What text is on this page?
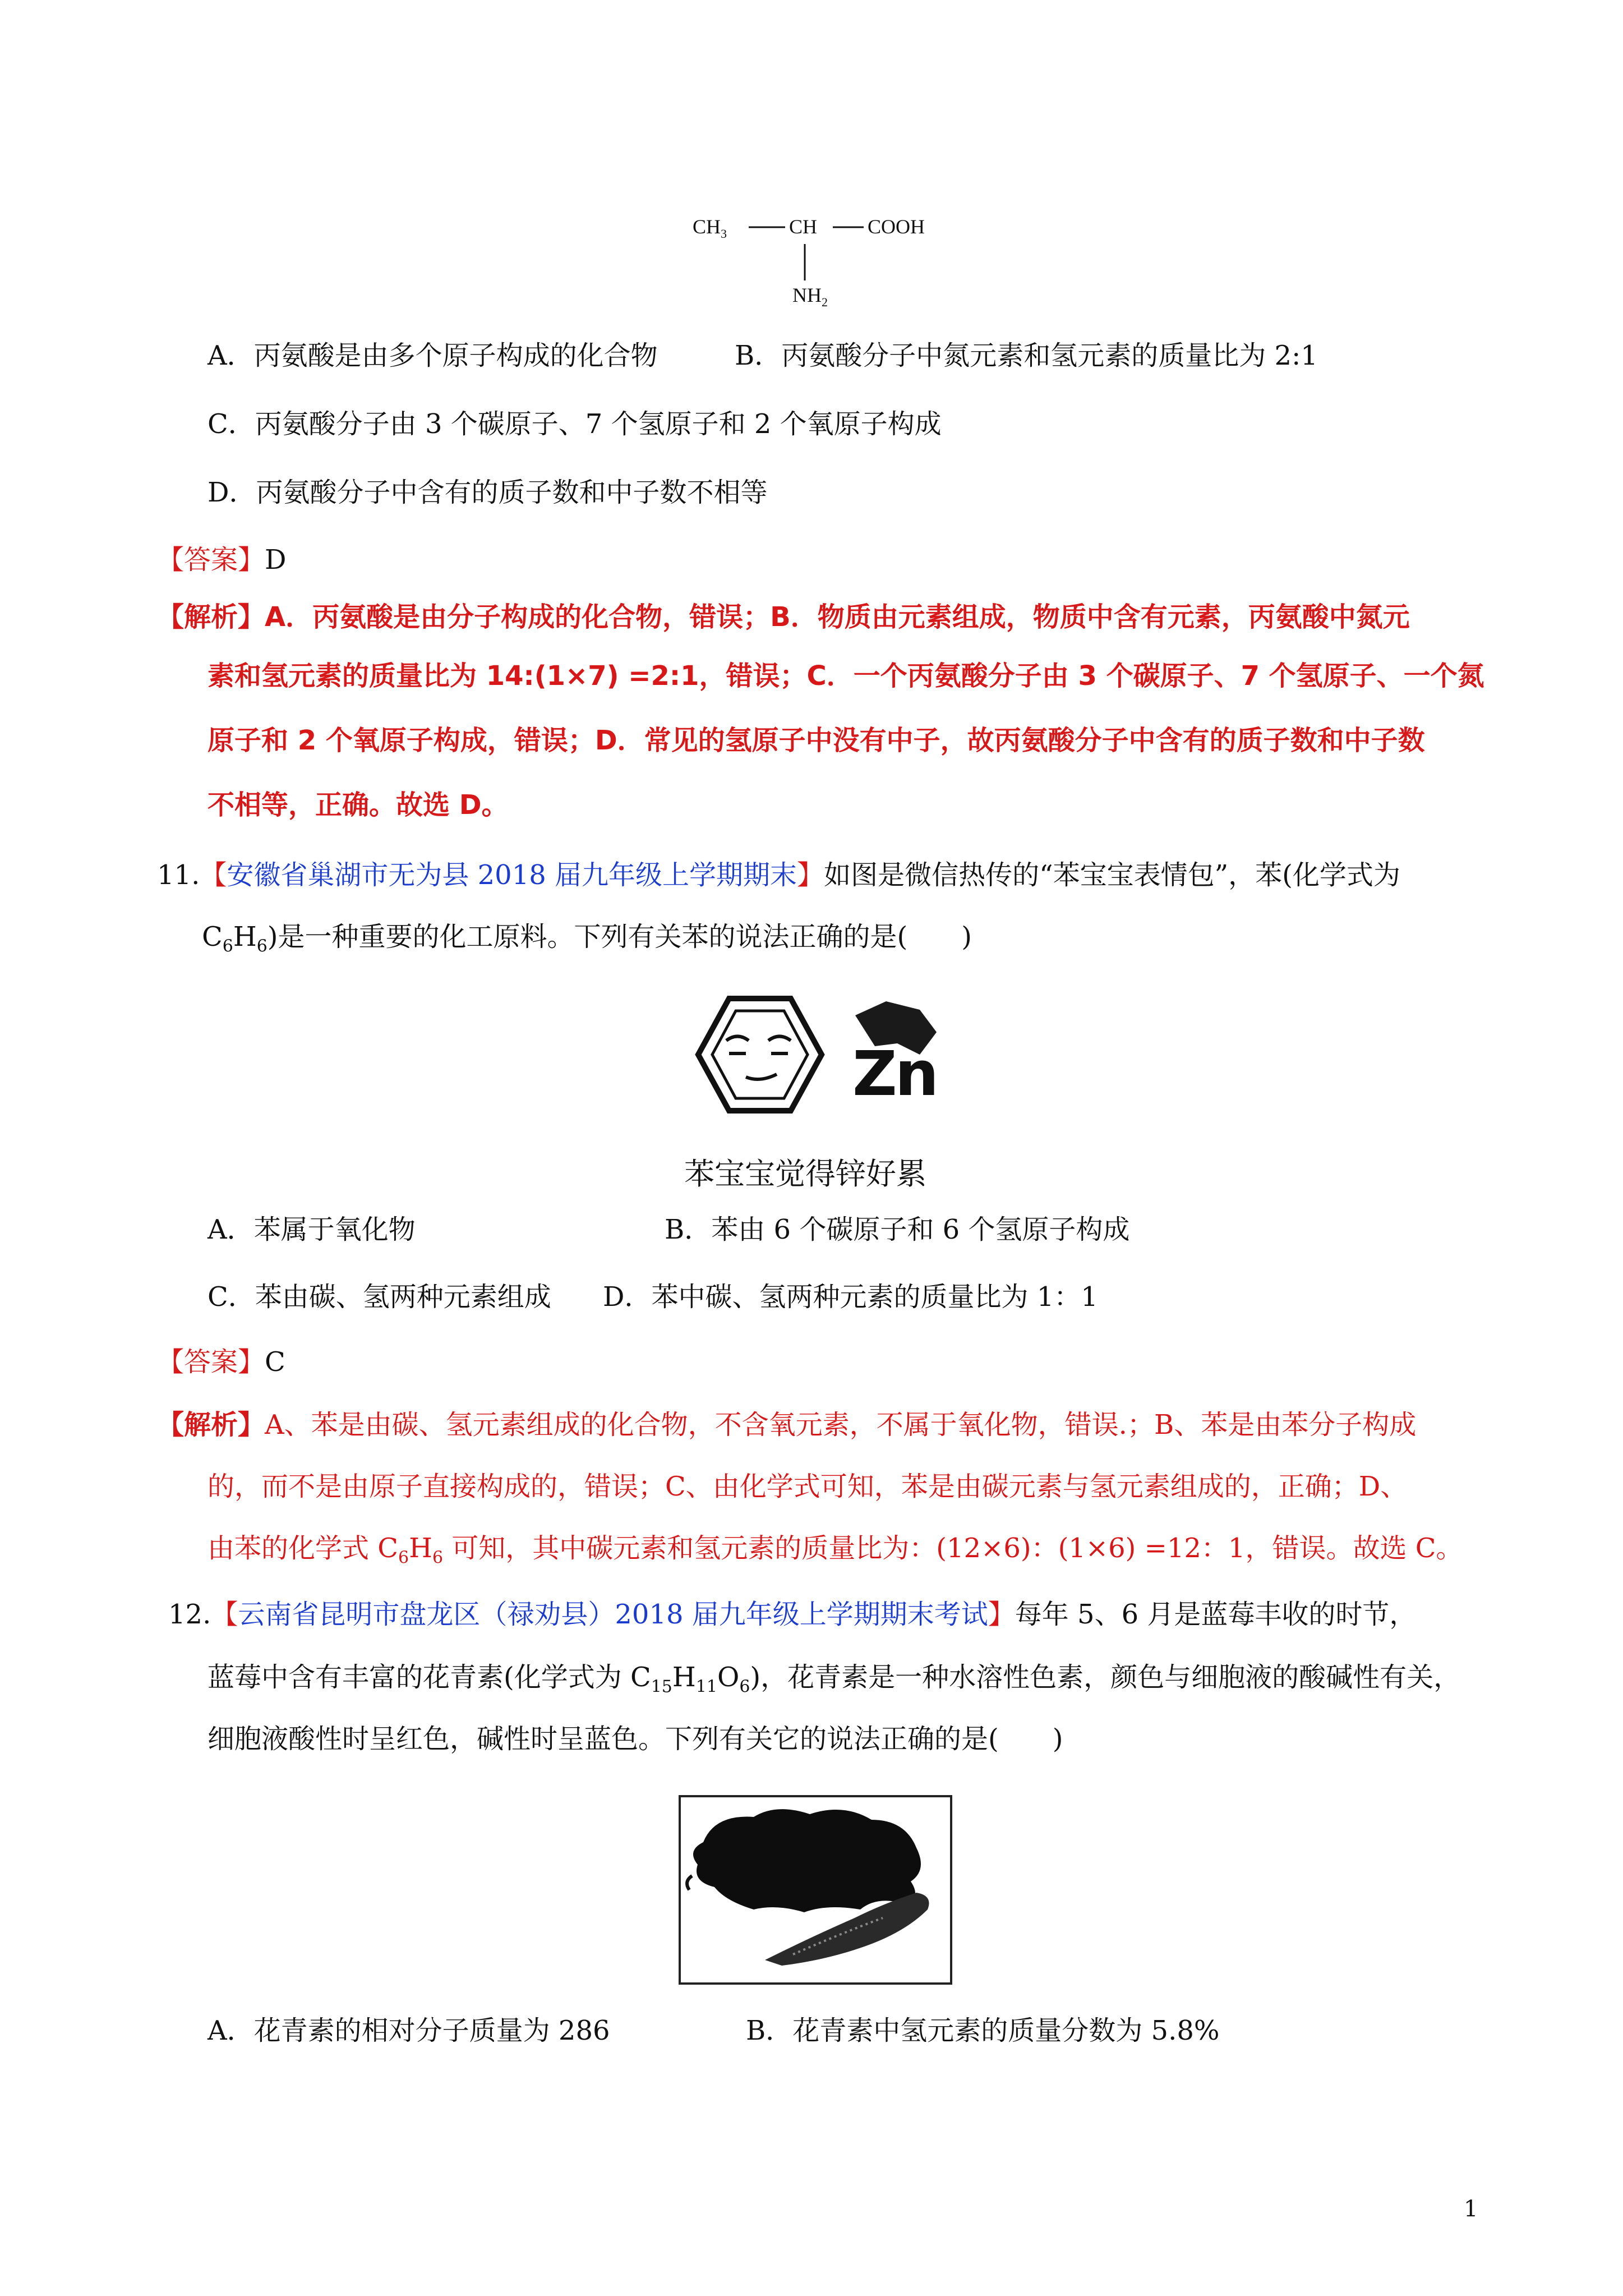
$CH_3$	CH COOH
$NH_2$
A．丙氨酸是由多个原子构成的化合物	B．丙氨酸分子中氮元素和氢元素的质量比为 2:1
C．丙氨酸分子由 3 个碳原子、7 个氢原子和 2 个氧原子构成
D．丙氨酸分子中含有的质子数和中子数不相等
【答案】D
【解析】A．丙氨酸是由分子构成的化合物，错误；B．物质由元素组成，物质中含有元素，丙氨酸中氮元
素和氢元素的质量比为 14:(1×7) =2:1，错误；C．一个丙氨酸分子由 3 个碳原子、7 个氢原子、一个氮
原子和 2 个氧原子构成，错误；D．常见的氢原子中没有中子，故丙氨酸分子中含有的质子数和中子数
不相等，正确。故选 D。
11.【安徽省巢湖市无为县 2018 届九年级上学期期末】如图是微信热传的“苯宝宝表情包”，苯(化学式为
$C_6H_6$)是一种重要的化工原料。下列有关苯的说法正确的是(　　)
Zn
苯宝宝觉得锌好累
A．苯属于氧化物	B．苯由 6 个碳原子和 6 个氢原子构成
C．苯由碳、氢两种元素组成 D．苯中碳、氢两种元素的质量比为 1：1
【答案】C
【解析】A、苯是由碳、氢元素组成的化合物，不含氧元素，不属于氧化物，错误.；B、苯是由苯分子构成
的，而不是由原子直接构成的，错误；C、由化学式可知，苯是由碳元素与氢元素组成的，正确；D、
由苯的化学式 $C_6H_6$ 可知，其中碳元素和氢元素的质量比为：(12×6)：(1×6) =12：1，错误。故选 C。
12.【云南省昆明市盘龙区（禄劝县）2018 届九年级上学期期末考试】每年 5、6 月是蓝莓丰收的时节，
蓝莓中含有丰富的花青素(化学式为 $C_{15}H_{11}O_6$)，花青素是一种水溶性色素，颜色与细胞液的酸碱性有关，
细胞液酸性时呈红色，碱性时呈蓝色。下列有关它的说法正确的是(　　)
A．花青素的相对分子质量为 286	B．花青素中氢元素的质量分数为 5.8%
1
